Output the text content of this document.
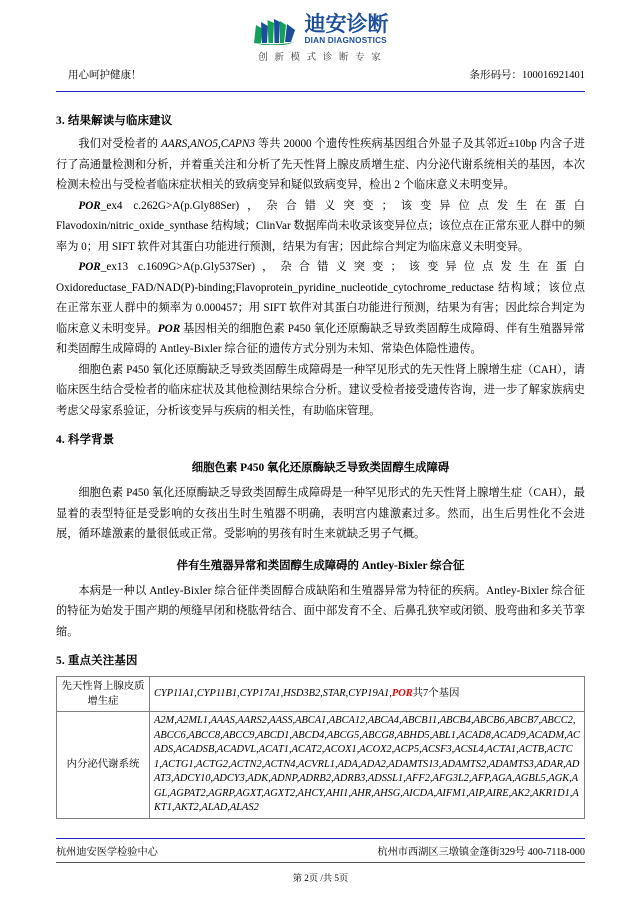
迪安诊断
DIAN DIAGNOSTICS
创 新 模 式 诊 断 专 家
用心呵护健康！	条形码号：100016921401
3. 结果解读与临床建议

我们对受检者的 AARS,ANO5,CAPN3 等共 20000 个遗传性疾病基因组合外显子及其邻近±10bp 内含子进行了高通量检测和分析，并着重关注和分析了先天性肾上腺皮质增生症、内分泌代谢系统相关的基因，本次检测未检出与受检者临床症状相关的致病变异和疑似致病变异，检出 2 个临床意义未明变异。

POR_ex4 c.262G>A(p.Gly88Ser)，杂合错义突变；该变异位点发生在蛋白 Flavodoxin/nitric_oxide_synthase 结构域；ClinVar 数据库尚未收录该变异位点；该位点在正常东亚人群中的频率为 0；用 SIFT 软件对其蛋白功能进行预测，结果为有害；因此综合判定为临床意义未明变异。

POR_ex13 c.1609G>A(p.Gly537Ser)，杂合错义突变；该变异位点发生在蛋白 Oxidoreductase_FAD/NAD(P)-binding;Flavoprotein_pyridine_nucleotide_cytochrome_reductase 结构域；该位点在正常东亚人群中的频率为 0.000457；用 SIFT 软件对其蛋白功能进行预测，结果为有害；因此综合判定为临床意义未明变异。POR 基因相关的细胞色素 P450 氧化还原酶缺乏导致类固醇生成障碍、伴有生殖器异常和类固醇生成障碍的 Antley-Bixler 综合征的遗传方式分别为未知、常染色体隐性遗传。

细胞色素 P450 氧化还原酶缺乏导致类固醇生成障碍是一种罕见形式的先天性肾上腺增生症（CAH），请临床医生结合受检者的临床症状及其他检测结果综合分析。建议受检者接受遗传咨询，进一步了解家族病史考虑父母家系验证，分析该变异与疾病的相关性，有助临床管理。

4. 科学背景
细胞色素 P450 氧化还原酶缺乏导致类固醇生成障碍

细胞色素 P450 氧化还原酶缺乏导致类固醇生成障碍是一种罕见形式的先天性肾上腺增生症（CAH），最显着的表型特征是受影响的女孩出生时生殖器不明确，表明宫内雄激素过多。然而，出生后男性化不会进展，循环雄激素的量很低或正常。受影响的男孩有时生来就缺乏男子气概。

伴有生殖器异常和类固醇生成障碍的 Antley-Bixler 综合征

本病是一种以 Antley-Bixler 综合征伴类固醇合成缺陷和生殖器异常为特征的疾病。Antley-Bixler 综合征的特征为始发于围产期的颅缝早闭和桡肱骨结合、面中部发育不全、后鼻孔狭窄或闭锁、股弯曲和多关节挛缩。

5. 重点关注基因
先天性肾上腺皮质增生症	CYP11A1,CYP11B1,CYP17A1,HSD3B2,STAR,CYP19A1,POR共7个基因
内分泌代谢系统	A2M,A2ML1,AAAS,AARS2,AASS,ABCA1,ABCA12,ABCA4,ABCB11,ABCB4,ABCB6,ABCB7,ABCC2,ABCC6,ABCC8,ABCC9,ABCD1,ABCD4,ABCG5,ABCG8,ABHD5,ABL1,ACAD8,ACAD9,ACADM,ACADS,ACADSB,ACADVL,ACAT1,ACAT2,ACOX1,ACOX2,ACP5,ACSF3,ACSL4,ACTA1,ACTB,ACTC1,ACTG1,ACTG2,ACTN2,ACTN4,ACVRL1,ADA,ADA2,ADAMTS13,ADAMTS2,ADAMTS3,ADAR,ADAT3,ADCY10,ADCY3,ADK,ADNP,ADRB2,ADRB3,ADSSL1,AFF2,AFG3L2,AFP,AGA,AGBL5,AGK,AGL,AGPAT2,AGRP,AGXT,AGXT2,AHCY,AHI1,AHR,AHSG,AICDA,AIFM1,AIP,AIRE,AK2,AKR1D1,AKT1,AKT2,ALAD,ALAS2
杭州迪安医学检验中心	杭州市西湖区三墩镇金蓬街329号 400-7118-000
第 2页 /共 5页
